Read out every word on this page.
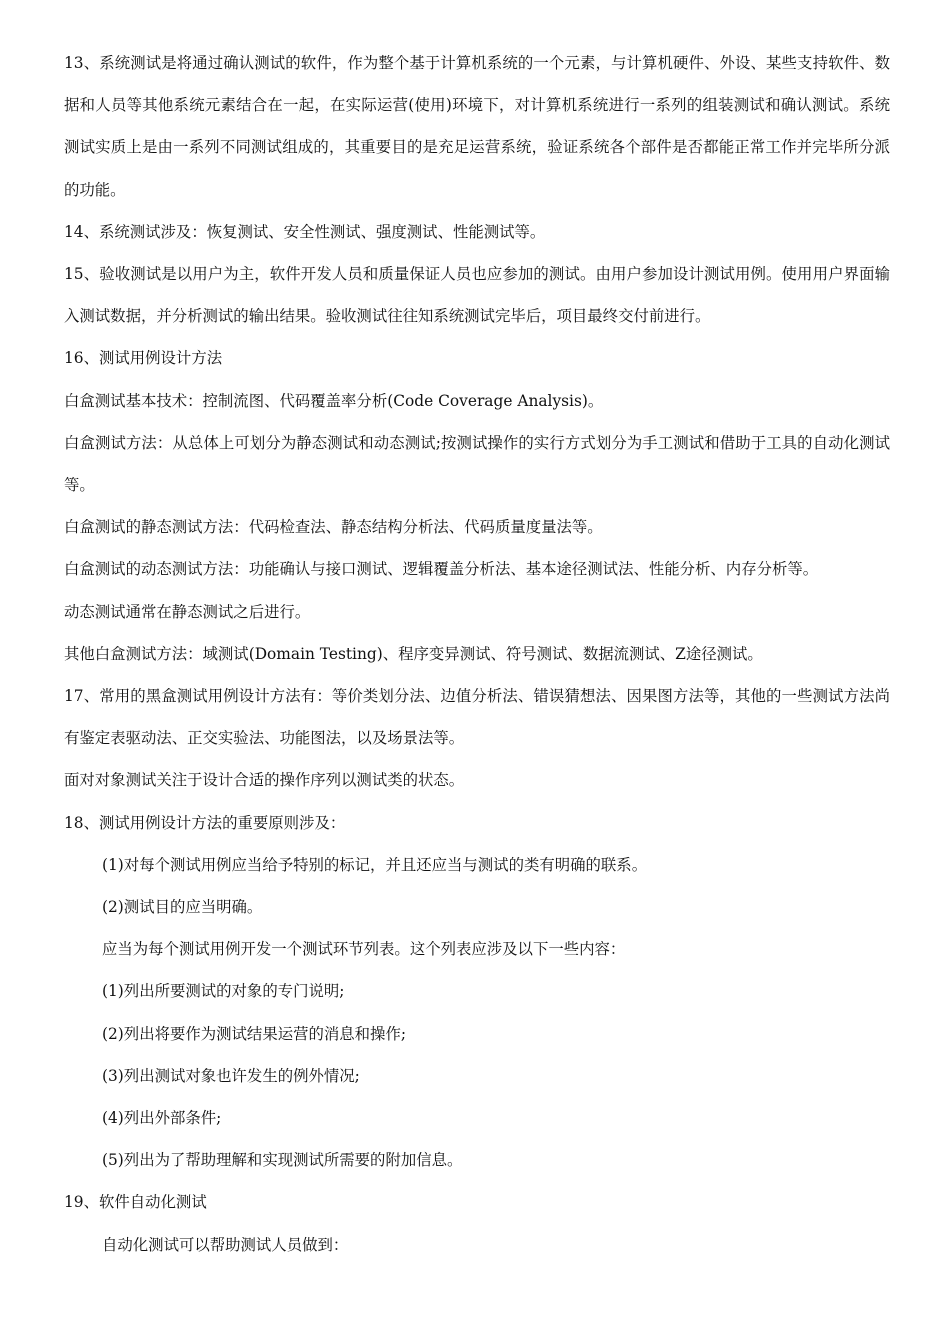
13、系统测试是将通过确认测试的软件，作为整个基于计算机系统的一个元素，与计算机硬件、外设、某些支持软件、数据和人员等其他系统元素结合在一起，在实际运营(使用)环境下，对计算机系统进行一系列的组装测试和确认测试。系统测试实质上是由一系列不同测试组成的，其重要目的是充足运营系统，验证系统各个部件是否都能正常工作并完毕所分派的功能。

14、系统测试涉及：恢复测试、安全性测试、强度测试、性能测试等。

15、验收测试是以用户为主，软件开发人员和质量保证人员也应参加的测试。由用户参加设计测试用例。使用用户界面输入测试数据，并分析测试的输出结果。验收测试往往知系统测试完毕后，项目最终交付前进行。

16、测试用例设计方法

白盒测试基本技术：控制流图、代码覆盖率分析(Code Coverage Analysis)。

白盒测试方法：从总体上可划分为静态测试和动态测试;按测试操作的实行方式划分为手工测试和借助于工具的自动化测试等。

白盒测试的静态测试方法：代码检查法、静态结构分析法、代码质量度量法等。

白盒测试的动态测试方法：功能确认与接口测试、逻辑覆盖分析法、基本途径测试法、性能分析、内存分析等。

动态测试通常在静态测试之后进行。

其他白盒测试方法：域测试(Domain Testing)、程序变异测试、符号测试、数据流测试、Z途径测试。

17、常用的黑盒测试用例设计方法有：等价类划分法、边值分析法、错误猜想法、因果图方法等，其他的一些测试方法尚有鉴定表驱动法、正交实验法、功能图法，以及场景法等。

面对对象测试关注于设计合适的操作序列以测试类的状态。

18、测试用例设计方法的重要原则涉及：

(1)对每个测试用例应当给予特别的标记，并且还应当与测试的类有明确的联系。

(2)测试目的应当明确。

应当为每个测试用例开发一个测试环节列表。这个列表应涉及以下一些内容：

(1)列出所要测试的对象的专门说明;

(2)列出将要作为测试结果运营的消息和操作;

(3)列出测试对象也许发生的例外情况;

(4)列出外部条件;

(5)列出为了帮助理解和实现测试所需要的附加信息。

19、软件自动化测试

自动化测试可以帮助测试人员做到：
